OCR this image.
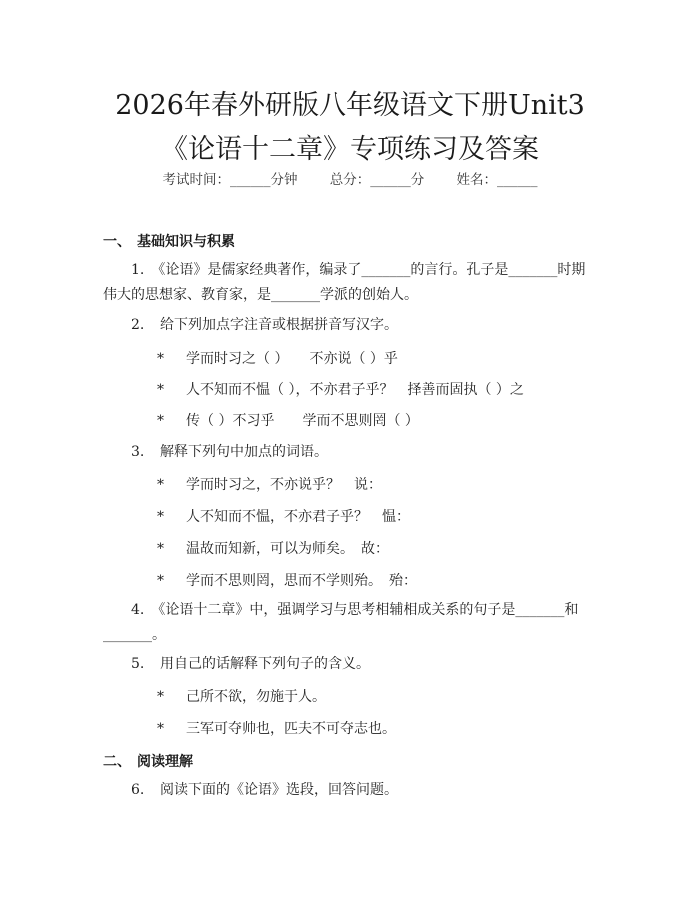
2026年春外研版八年级语文下册Unit3《论语十二章》专项练习及答案
考试时间：______分钟 总分：______分 姓名：______
一、 基础知识与积累
1.　 《论语》是儒家经典著作，编录了_______的言行。孔子是_______时期伟大的思想家、教育家，是_______学派的创始人。
2. 给下列加点字注音或根据拼音写汉字。
* 学而时习之（ ）　　不亦说（ ）乎
* 人不知而不愠（ ），不亦君子乎？　择善而固执（ ）之
* 传（ ）不习乎　　学而不思则罔（ ）
3. 解释下列句中加点的词语。
* 学而时习之，不亦说乎？　说：
* 人不知而不愠，不亦君子乎？　愠：
* 温故而知新，可以为师矣。　故：
* 学而不思则罔，思而不学则殆。　殆：
4.　 《论语十二章》中，强调学习与思考相辅相成关系的句子是_______和_______。
5. 用自己的话解释下列句子的含义。
* 己所不欲，勿施于人。
* 三军可夺帅也，匹夫不可夺志也。
二、 阅读理解
6. 阅读下面的《论语》选段，回答问题。
